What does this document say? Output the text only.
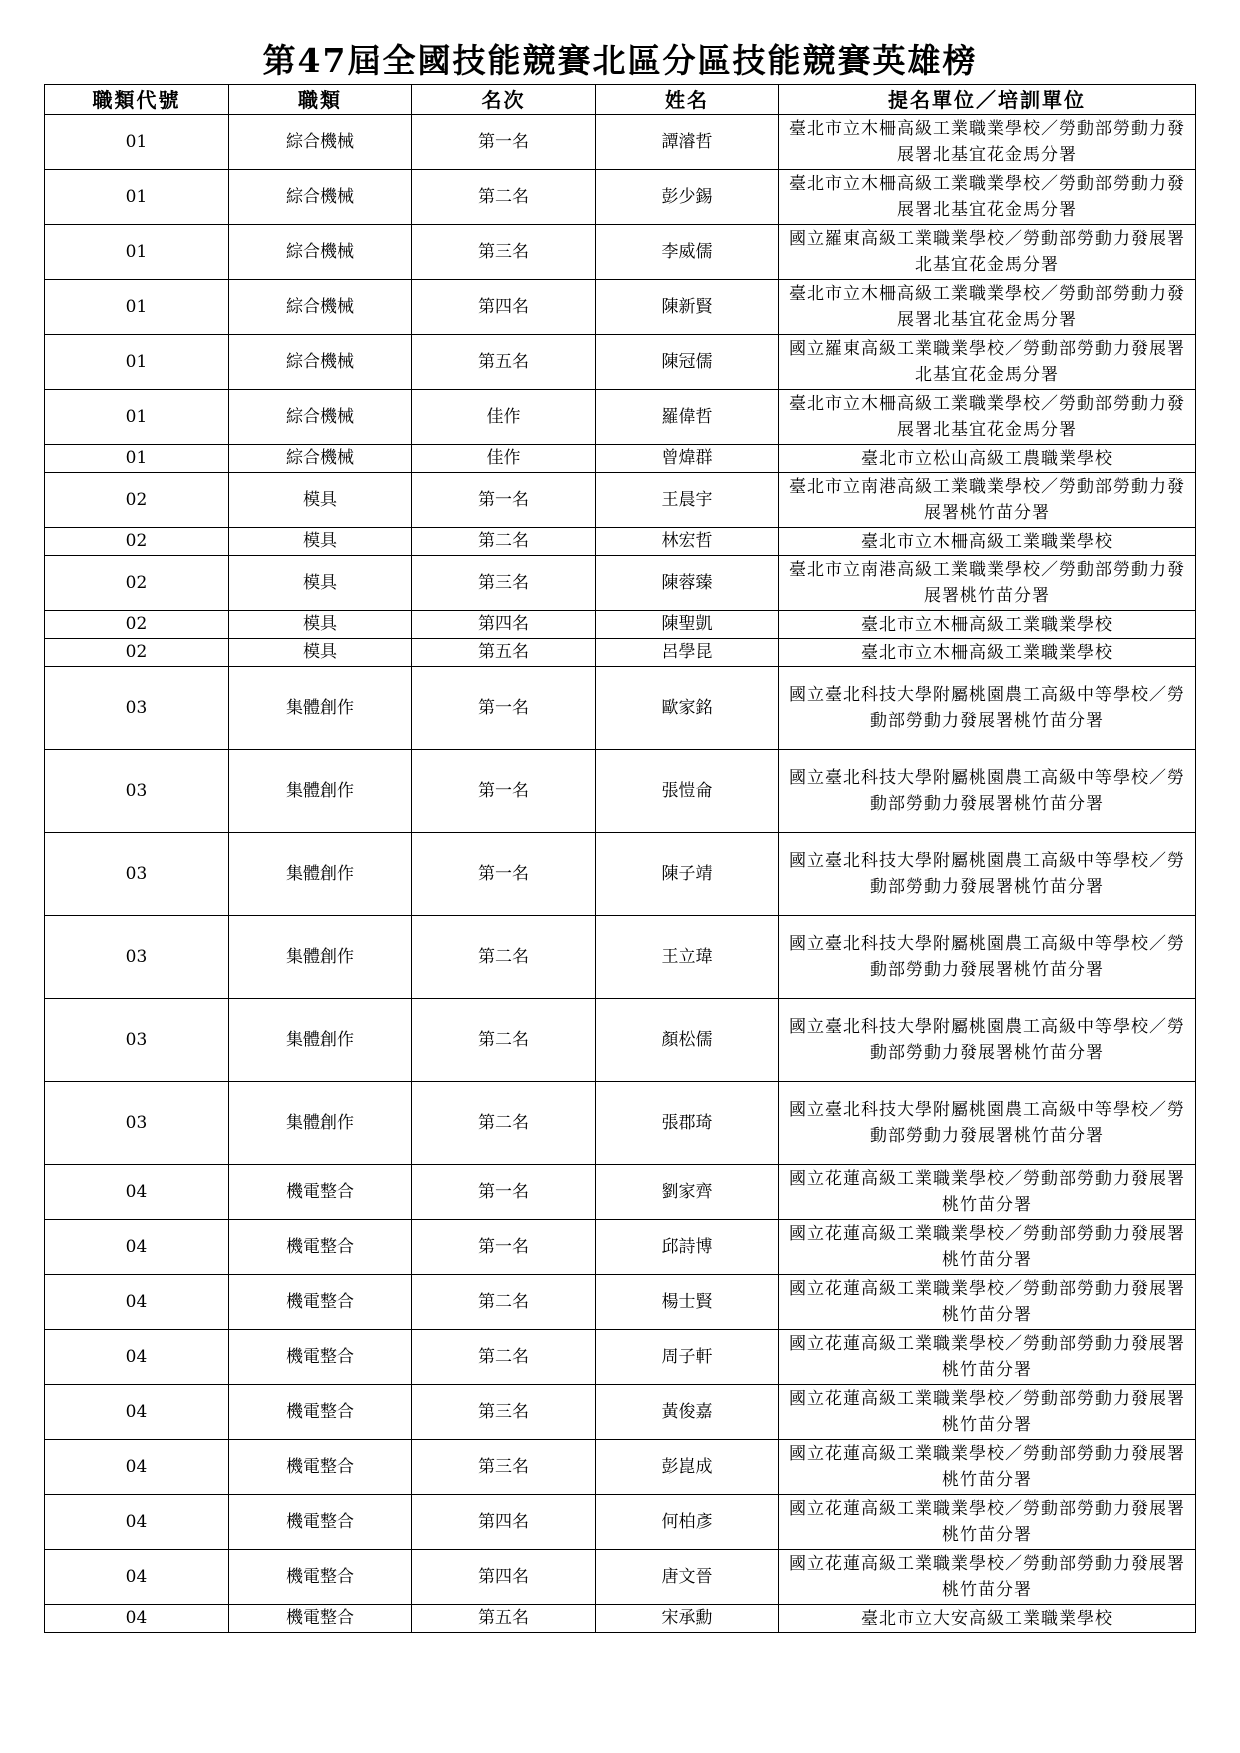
第47屆全國技能競賽北區分區技能競賽英雄榜
職類代號	職類	名次	姓名	提名單位／培訓單位
01	綜合機械	第一名	譚濬哲	臺北市立木柵高級工業職業學校／勞動部勞動力發展署北基宜花金馬分署
01	綜合機械	第二名	彭少錫	臺北市立木柵高級工業職業學校／勞動部勞動力發展署北基宜花金馬分署
01	綜合機械	第三名	李威儒	國立羅東高級工業職業學校／勞動部勞動力發展署北基宜花金馬分署
01	綜合機械	第四名	陳新賢	臺北市立木柵高級工業職業學校／勞動部勞動力發展署北基宜花金馬分署
01	綜合機械	第五名	陳冠儒	國立羅東高級工業職業學校／勞動部勞動力發展署北基宜花金馬分署
01	綜合機械	佳作	羅偉哲	臺北市立木柵高級工業職業學校／勞動部勞動力發展署北基宜花金馬分署
01	綜合機械	佳作	曾煒群	臺北市立松山高級工農職業學校
02	模具	第一名	王晨宇	臺北市立南港高級工業職業學校／勞動部勞動力發展署桃竹苗分署
02	模具	第二名	林宏哲	臺北市立木柵高級工業職業學校
02	模具	第三名	陳蓉臻	臺北市立南港高級工業職業學校／勞動部勞動力發展署桃竹苗分署
02	模具	第四名	陳聖凱	臺北市立木柵高級工業職業學校
02	模具	第五名	呂學昆	臺北市立木柵高級工業職業學校
03	集體創作	第一名	歐家銘	國立臺北科技大學附屬桃園農工高級中等學校／勞動部勞動力發展署桃竹苗分署
03	集體創作	第一名	張愷侖	國立臺北科技大學附屬桃園農工高級中等學校／勞動部勞動力發展署桃竹苗分署
03	集體創作	第一名	陳子靖	國立臺北科技大學附屬桃園農工高級中等學校／勞動部勞動力發展署桃竹苗分署
03	集體創作	第二名	王立瑋	國立臺北科技大學附屬桃園農工高級中等學校／勞動部勞動力發展署桃竹苗分署
03	集體創作	第二名	顏松儒	國立臺北科技大學附屬桃園農工高級中等學校／勞動部勞動力發展署桃竹苗分署
03	集體創作	第二名	張郡琦	國立臺北科技大學附屬桃園農工高級中等學校／勞動部勞動力發展署桃竹苗分署
04	機電整合	第一名	劉家齊	國立花蓮高級工業職業學校／勞動部勞動力發展署桃竹苗分署
04	機電整合	第一名	邱詩博	國立花蓮高級工業職業學校／勞動部勞動力發展署桃竹苗分署
04	機電整合	第二名	楊士賢	國立花蓮高級工業職業學校／勞動部勞動力發展署桃竹苗分署
04	機電整合	第二名	周子軒	國立花蓮高級工業職業學校／勞動部勞動力發展署桃竹苗分署
04	機電整合	第三名	黃俊嘉	國立花蓮高級工業職業學校／勞動部勞動力發展署桃竹苗分署
04	機電整合	第三名	彭崑成	國立花蓮高級工業職業學校／勞動部勞動力發展署桃竹苗分署
04	機電整合	第四名	何柏彥	國立花蓮高級工業職業學校／勞動部勞動力發展署桃竹苗分署
04	機電整合	第四名	唐文晉	國立花蓮高級工業職業學校／勞動部勞動力發展署桃竹苗分署
04	機電整合	第五名	宋承勳	臺北市立大安高級工業職業學校
